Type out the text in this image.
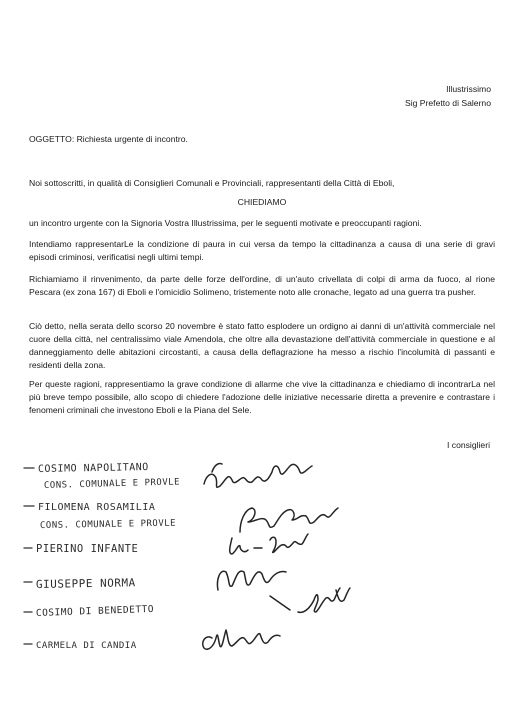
Illustrissimo
Sig Prefetto di Salerno
OGGETTO: Richiesta urgente di incontro.
Noi sottoscritti, in qualità di Consiglieri Comunali e Provinciali, rappresentanti della Città di Eboli,
CHIEDIAMO
un incontro urgente con la Signoria Vostra Illustrissima, per le seguenti motivate e preoccupanti ragioni.
Intendiamo rappresentarLe la condizione di paura in cui versa da tempo la cittadinanza a causa di una serie di gravi episodi criminosi, verificatisi negli ultimi tempi.
Richiamiamo il rinvenimento, da parte delle forze dell'ordine, di un'auto crivellata di colpi di arma da fuoco, al rione Pescara (ex zona 167) di Eboli e l'omicidio Solimeno, tristemente noto alle cronache, legato ad una guerra tra pusher.
Ciò detto, nella serata dello scorso 20 novembre è stato fatto esplodere un ordigno ai danni di un'attività commerciale nel cuore della città, nel centralissimo viale Amendola, che oltre alla devastazione dell'attività commerciale in questione e al danneggiamento delle abitazioni circostanti, a causa della deflagrazione ha messo a rischio l'incolumità di passanti e residenti della zona.
Per queste ragioni, rappresentiamo la grave condizione di allarme che vive la cittadinanza e chiediamo di incontrarLa nel più breve tempo possibile, allo scopo di chiedere l'adozione delle iniziative necessarie diretta a prevenire e contrastare i fenomeni criminali che investono Eboli e la Piana del Sele.
I consiglieri
COSIMO NAPOLITANO
CONS. COMUNALE E PROVLE
FILOMENA ROSAMILIA
CONS. COMUNALE E PROVLE
PIERINO INFANTE
GIUSEPPE NORMA
COSIMO DI BENEDETTO
CARMELA DI CANDIA
